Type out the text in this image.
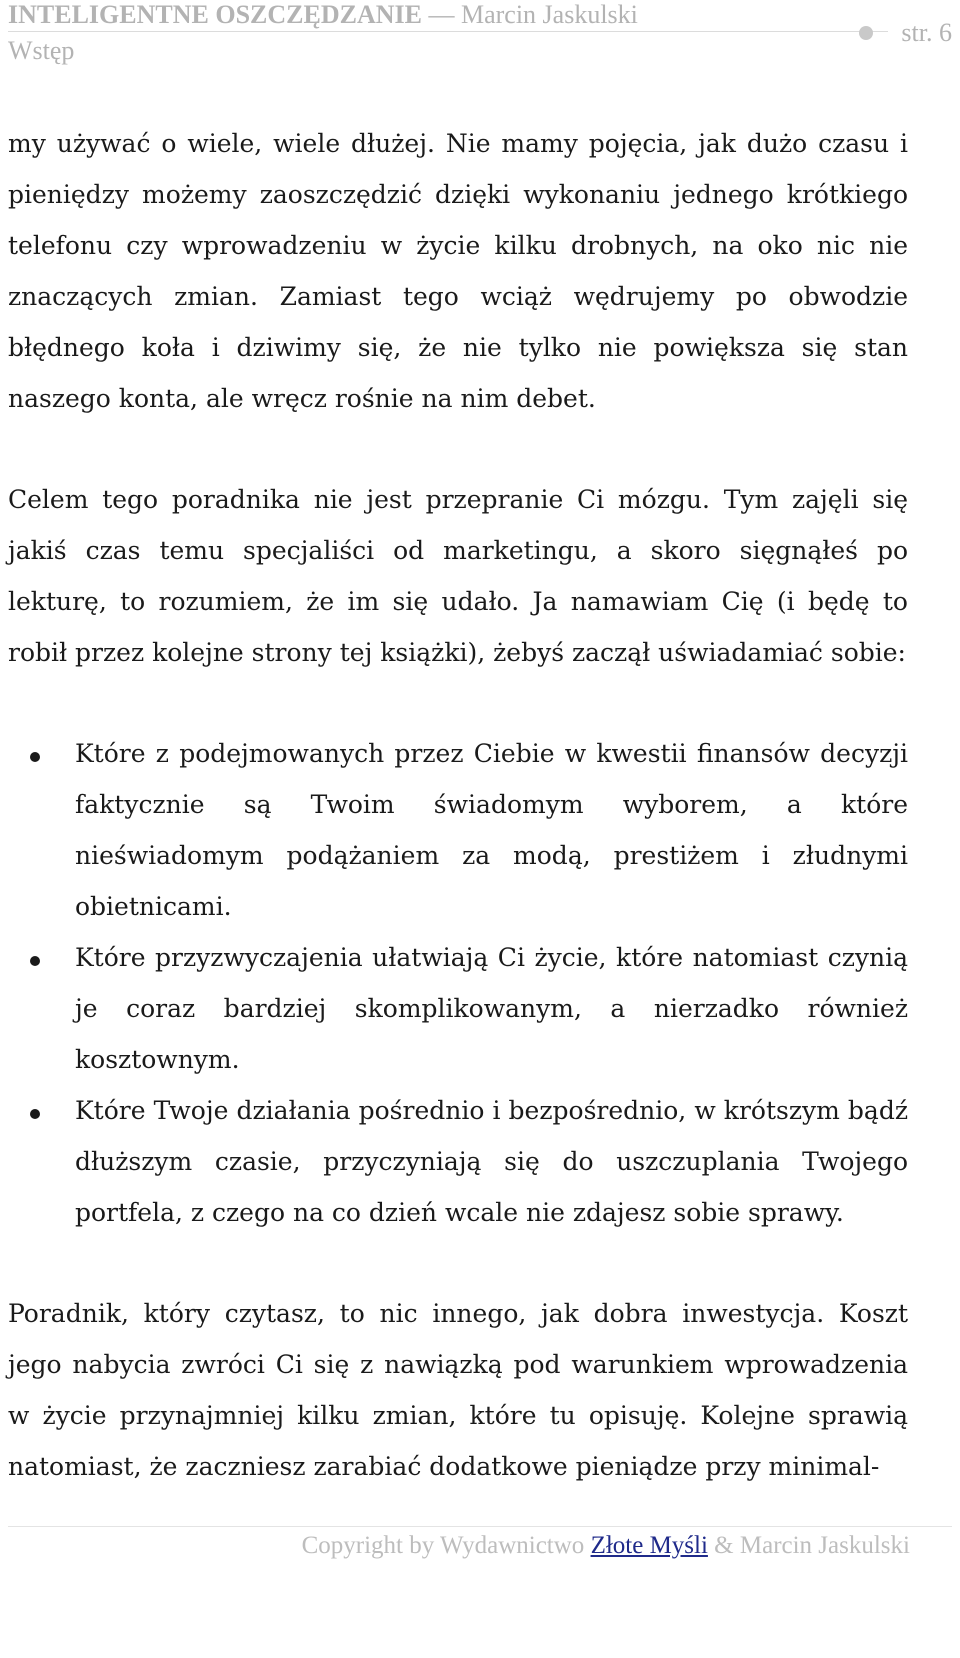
INTELIGENTNE OSZCZĘDZANIE — Marcin Jaskulski
Wstęp
str. 6

my używać o wiele, wiele dłużej. Nie mamy pojęcia, jak dużo czasu i pieniędzy możemy zaoszczędzić dzięki wykonaniu jednego krótkiego telefonu czy wprowadzeniu w życie kilku drobnych, na oko nic nie znaczących zmian. Zamiast tego wciąż wędrujemy po obwodzie błędnego koła i dziwimy się, że nie tylko nie powiększa się stan naszego konta, ale wręcz rośnie na nim debet.

Celem tego poradnika nie jest przepranie Ci mózgu. Tym zajęli się jakiś czas temu specjaliści od marketingu, a skoro sięgnąłeś po lekturę, to rozumiem, że im się udało. Ja namawiam Cię (i będę to robił przez kolejne strony tej książki), żebyś zaczął uświadamiać sobie:

Które z podejmowanych przez Ciebie w kwestii finansów decyzji faktycznie są Twoim świadomym wyborem, a które nieświadomym podążaniem za modą, prestiżem i złudnymi obietnicami.
Które przyzwyczajenia ułatwiają Ci życie, które natomiast czynią je coraz bardziej skomplikowanym, a nierzadko również kosztownym.
Które Twoje działania pośrednio i bezpośrednio, w krótszym bądź dłuższym czasie, przyczyniają się do uszczuplania Twojego portfela, z czego na co dzień wcale nie zdajesz sobie sprawy.

Poradnik, który czytasz, to nic innego, jak dobra inwestycja. Koszt jego nabycia zwróci Ci się z nawiązką pod warunkiem wprowadzenia w życie przynajmniej kilku zmian, które tu opisuję. Kolejne sprawią natomiast, że zaczniesz zarabiać dodatkowe pieniądze przy minimal-

Copyright by Wydawnictwo Złote Myśli & Marcin Jaskulski
